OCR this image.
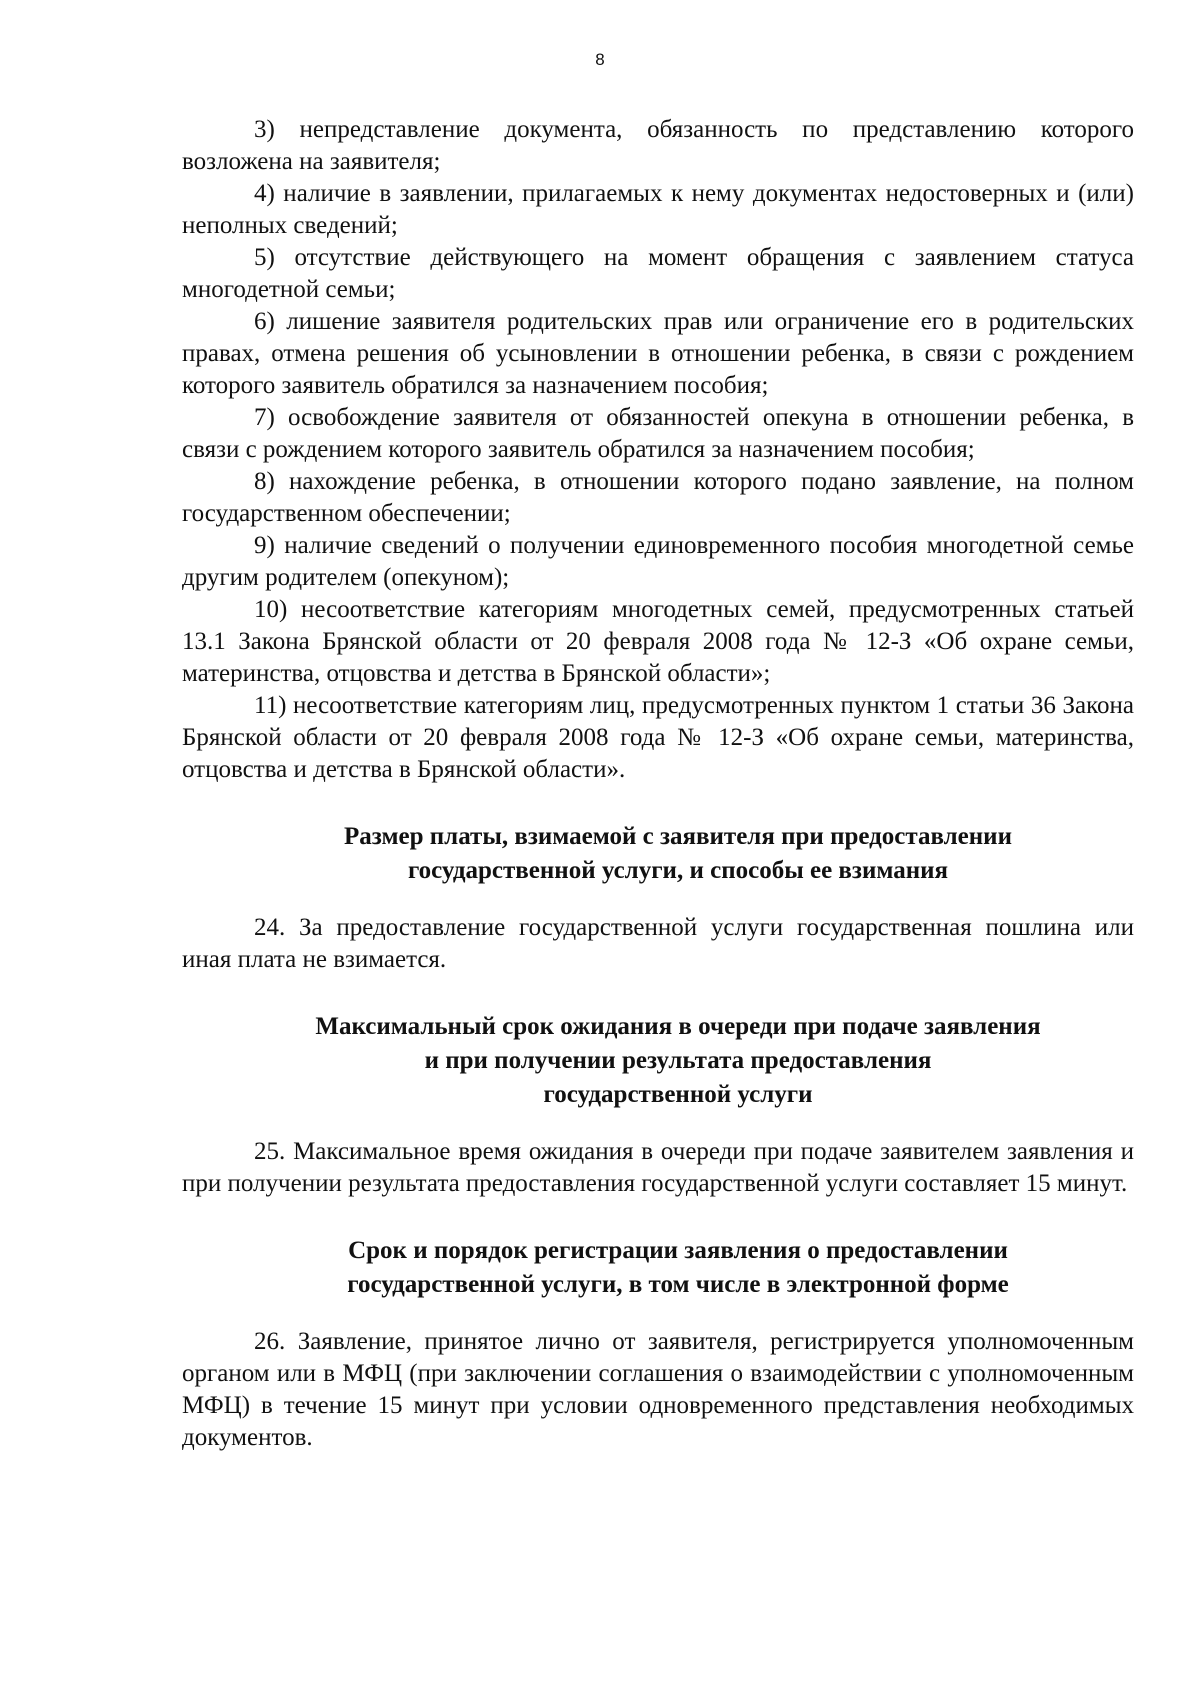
8

3) непредставление документа, обязанность по представлению которого возложена на заявителя;

4) наличие в заявлении, прилагаемых к нему документах недостоверных и (или) неполных сведений;

5) отсутствие действующего на момент обращения с заявлением статуса многодетной семьи;

6) лишение заявителя родительских прав или ограничение его в родительских правах, отмена решения об усыновлении в отношении ребенка, в связи с рождением которого заявитель обратился за назначением пособия;

7) освобождение заявителя от обязанностей опекуна в отношении ребенка, в связи с рождением которого заявитель обратился за назначением пособия;

8) нахождение ребенка, в отношении которого подано заявление, на полном государственном обеспечении;

9) наличие сведений о получении единовременного пособия многодетной семье другим родителем (опекуном);

10) несоответствие категориям многодетных семей, предусмотренных статьей 13.1 Закона Брянской области от 20 февраля 2008 года № 12-З «Об охране семьи, материнства, отцовства и детства в Брянской области»;

11) несоответствие категориям лиц, предусмотренных пунктом 1 статьи 36 Закона Брянской области от 20 февраля 2008 года № 12-З «Об охране семьи, материнства, отцовства и детства в Брянской области».

Размер платы, взимаемой с заявителя при предоставлении
государственной услуги, и способы ее взимания

24. За предоставление государственной услуги государственная пошлина или иная плата не взимается.

Максимальный срок ожидания в очереди при подаче заявления
и при получении результата предоставления
государственной услуги

25. Максимальное время ожидания в очереди при подаче заявителем заявления и при получении результата предоставления государственной услуги составляет 15 минут.

Срок и порядок регистрации заявления о предоставлении
государственной услуги, в том числе в электронной форме

26. Заявление, принятое лично от заявителя, регистрируется уполномоченным органом или в МФЦ (при заключении соглашения о взаимодействии с уполномоченным МФЦ) в течение 15 минут при условии одновременного представления необходимых документов.
